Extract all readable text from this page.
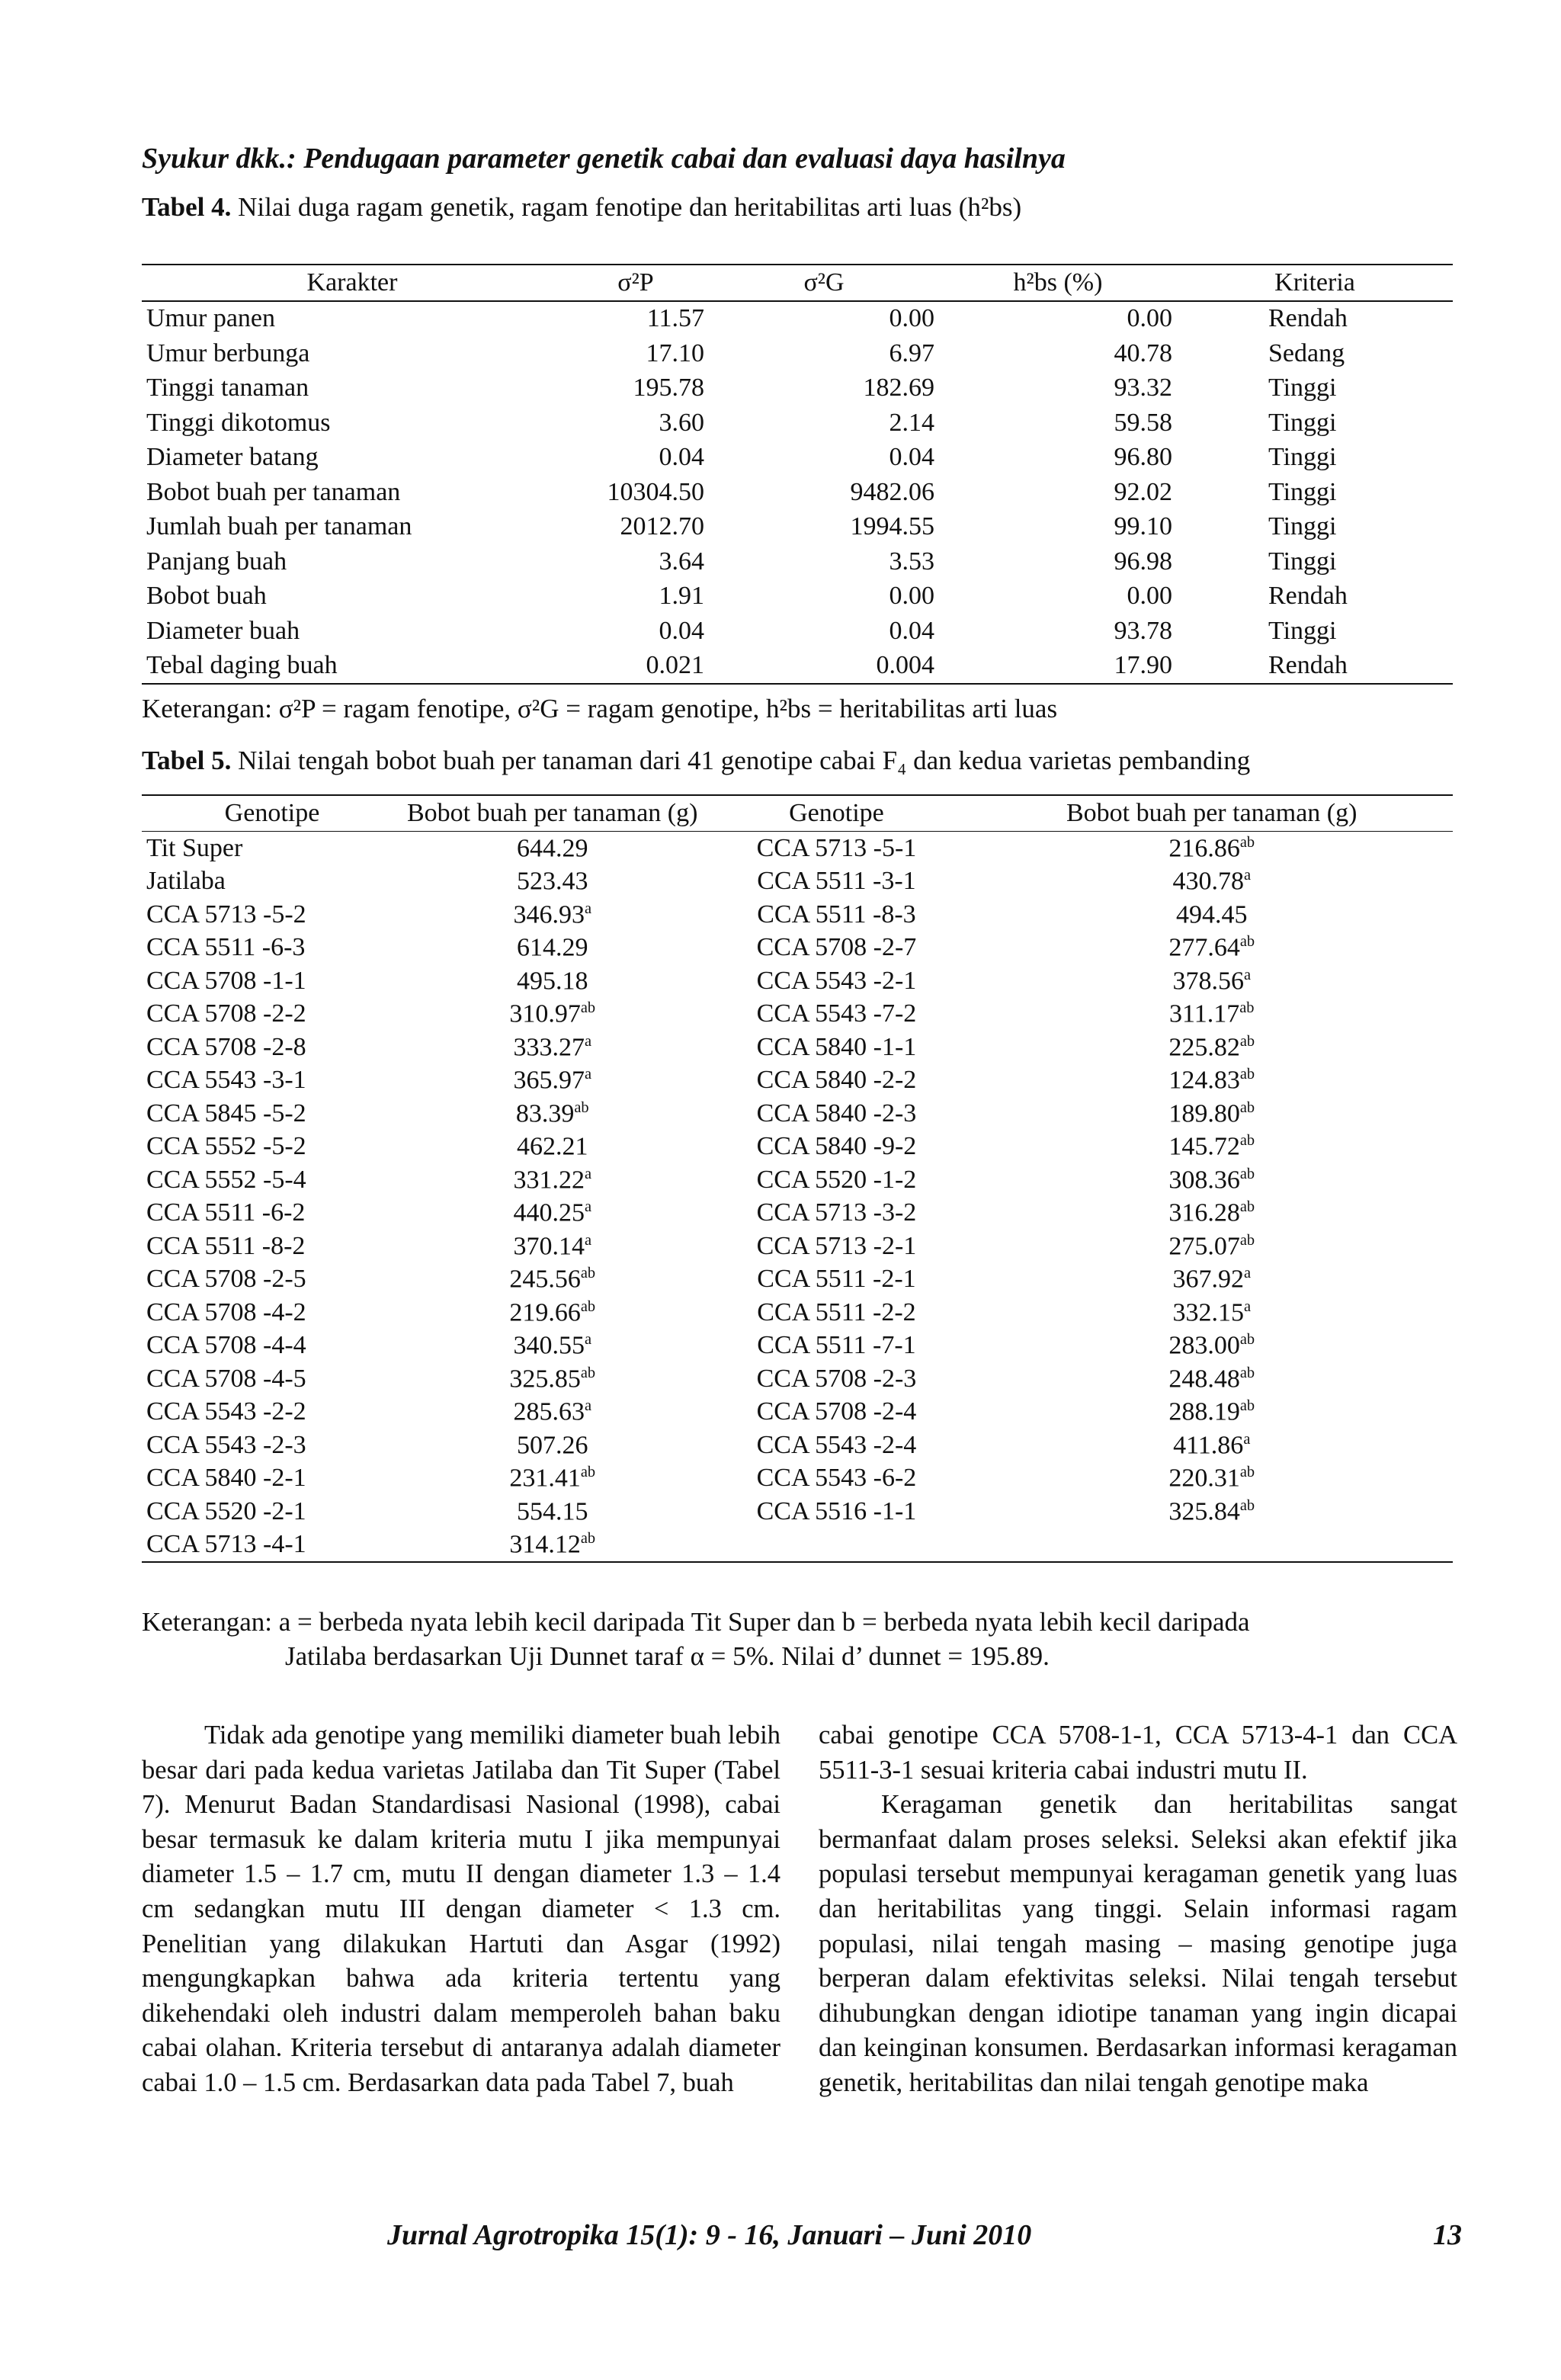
Syukur dkk.: Pendugaan parameter genetik cabai dan evaluasi daya hasilnya
Tabel 4. Nilai duga ragam genetik, ragam fenotipe dan heritabilitas arti luas (h²bs)
Karakter	σ²P	σ²G	h²bs (%)	Kriteria
Umur panen	11.57	0.00	0.00	Rendah
Umur berbunga	17.10	6.97	40.78	Sedang
Tinggi tanaman	195.78	182.69	93.32	Tinggi
Tinggi dikotomus	3.60	2.14	59.58	Tinggi
Diameter batang	0.04	0.04	96.80	Tinggi
Bobot buah per tanaman	10304.50	9482.06	92.02	Tinggi
Jumlah buah per tanaman	2012.70	1994.55	99.10	Tinggi
Panjang buah	3.64	3.53	96.98	Tinggi
Bobot buah	1.91	0.00	0.00	Rendah
Diameter buah	0.04	0.04	93.78	Tinggi
Tebal daging buah	0.021	0.004	17.90	Rendah
Keterangan: σ²P = ragam fenotipe, σ²G = ragam genotipe, h²bs = heritabilitas arti luas
Tabel 5. Nilai tengah bobot buah per tanaman dari 41 genotipe cabai F₄ dan kedua varietas pembanding
Genotipe	Bobot buah per tanaman (g)	Genotipe	Bobot buah per tanaman (g)
Tit Super	644.29	CCA 5713 -5-1	216.86$^{ab}$
Jatilaba	523.43	CCA 5511 -3-1	430.78$^a$
CCA 5713 -5-2	346.93$^a$	CCA 5511 -8-3	494.45
CCA 5511 -6-3	614.29	CCA 5708 -2-7	277.64$^{ab}$
CCA 5708 -1-1	495.18	CCA 5543 -2-1	378.56$^a$
CCA 5708 -2-2	310.97$^{ab}$	CCA 5543 -7-2	311.17$^{ab}$
CCA 5708 -2-8	333.27$^a$	CCA 5840 -1-1	225.82$^{ab}$
CCA 5543 -3-1	365.97$^a$	CCA 5840 -2-2	124.83$^{ab}$
CCA 5845 -5-2	83.39$^{ab}$	CCA 5840 -2-3	189.80$^{ab}$
CCA 5552 -5-2	462.21	CCA 5840 -9-2	145.72$^{ab}$
CCA 5552 -5-4	331.22$^a$	CCA 5520 -1-2	308.36$^{ab}$
CCA 5511 -6-2	440.25$^a$	CCA 5713 -3-2	316.28$^{ab}$
CCA 5511 -8-2	370.14$^a$	CCA 5713 -2-1	275.07$^{ab}$
CCA 5708 -2-5	245.56$^{ab}$	CCA 5511 -2-1	367.92$^a$
CCA 5708 -4-2	219.66$^{ab}$	CCA 5511 -2-2	332.15$^a$
CCA 5708 -4-4	340.55$^a$	CCA 5511 -7-1	283.00$^{ab}$
CCA 5708 -4-5	325.85$^{ab}$	CCA 5708 -2-3	248.48$^{ab}$
CCA 5543 -2-2	285.63$^a$	CCA 5708 -2-4	288.19$^{ab}$
CCA 5543 -2-3	507.26	CCA 5543 -2-4	411.86$^a$
CCA 5840 -2-1	231.41$^{ab}$	CCA 5543 -6-2	220.31$^{ab}$
CCA 5520 -2-1	554.15	CCA 5516 -1-1	325.84$^{ab}$
CCA 5713 -4-1	314.12$^{ab}$		
Keterangan: a = berbeda nyata lebih kecil daripada Tit Super dan b = berbeda nyata lebih kecil daripada
Jatilaba berdasarkan Uji Dunnet taraf α = 5%. Nilai d’ dunnet = 195.89.

Tidak ada genotipe yang memiliki diameter buah lebih besar dari pada kedua varietas Jatilaba dan Tit Super (Tabel 7). Menurut Badan Standardisasi Nasional (1998), cabai besar termasuk ke dalam kriteria mutu I jika mempunyai diameter 1.5 – 1.7 cm, mutu II dengan diameter 1.3 – 1.4 cm sedangkan mutu III dengan diameter < 1.3 cm. Penelitian yang dilakukan Hartuti dan Asgar (1992) mengungkapkan bahwa ada kriteria tertentu yang dikehendaki oleh industri dalam memperoleh bahan baku cabai olahan. Kriteria tersebut di antaranya adalah diameter cabai 1.0 – 1.5 cm. Berdasarkan data pada Tabel 7, buah

cabai genotipe CCA 5708-1-1, CCA 5713-4-1 dan CCA 5511-3-1 sesuai kriteria cabai industri mutu II.

Keragaman genetik dan heritabilitas sangat bermanfaat dalam proses seleksi. Seleksi akan efektif jika populasi tersebut mempunyai keragaman genetik yang luas dan heritabilitas yang tinggi. Selain informasi ragam populasi, nilai tengah masing – masing genotipe juga berperan dalam efektivitas seleksi. Nilai tengah tersebut dihubungkan dengan idiotipe tanaman yang ingin dicapai dan keinginan konsumen. Berdasarkan informasi keragaman genetik, heritabilitas dan nilai tengah genotipe maka

Jurnal Agrotropika 15(1): 9 - 16, Januari – Juni 2010	13
